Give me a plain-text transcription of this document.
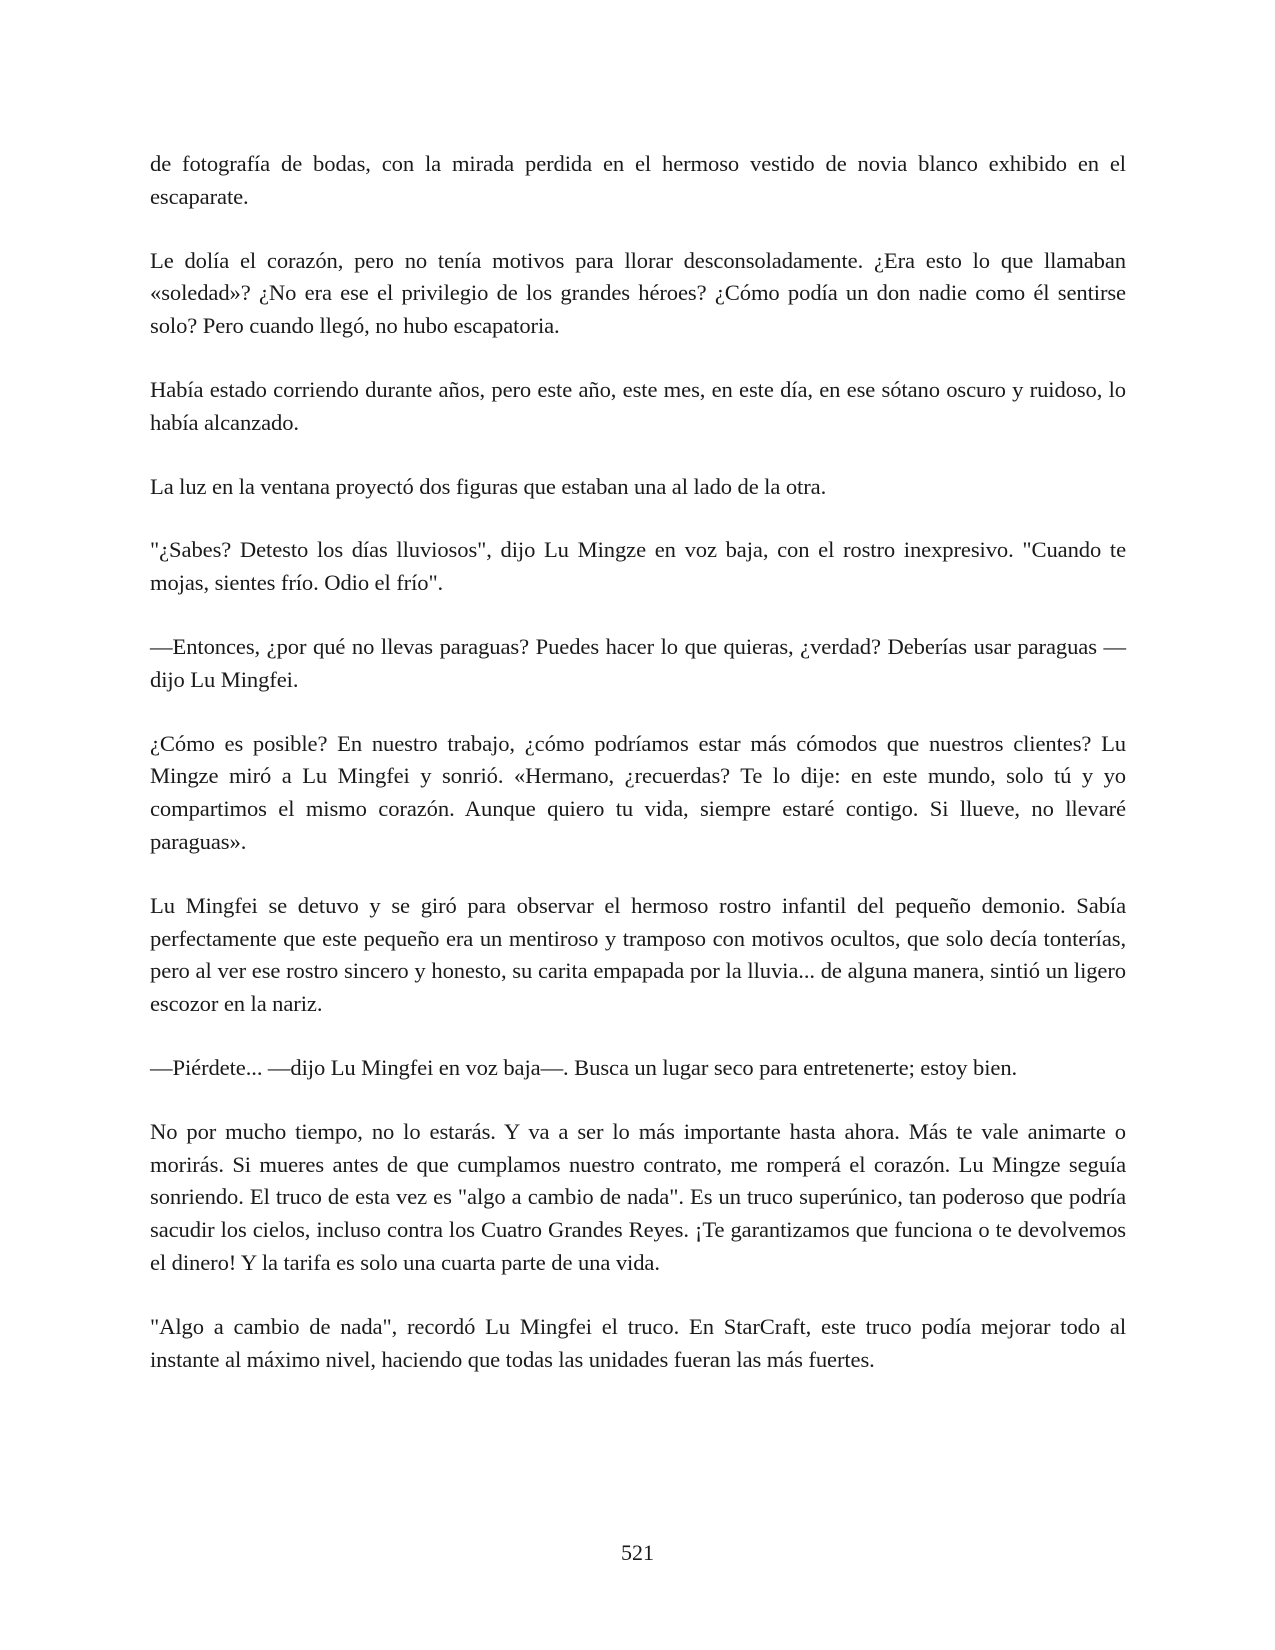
de fotografía de bodas, con la mirada perdida en el hermoso vestido de novia blanco exhibido en el escaparate.

Le dolía el corazón, pero no tenía motivos para llorar desconsoladamente. ¿Era esto lo que llamaban «soledad»? ¿No era ese el privilegio de los grandes héroes? ¿Cómo podía un don nadie como él sentirse solo? Pero cuando llegó, no hubo escapatoria.

Había estado corriendo durante años, pero este año, este mes, en este día, en ese sótano oscuro y ruidoso, lo había alcanzado.

La luz en la ventana proyectó dos figuras que estaban una al lado de la otra.

"¿Sabes? Detesto los días lluviosos", dijo Lu Mingze en voz baja, con el rostro inexpresivo. "Cuando te mojas, sientes frío. Odio el frío".

—Entonces, ¿por qué no llevas paraguas? Puedes hacer lo que quieras, ¿verdad? Deberías usar paraguas —dijo Lu Mingfei.

¿Cómo es posible? En nuestro trabajo, ¿cómo podríamos estar más cómodos que nuestros clientes? Lu Mingze miró a Lu Mingfei y sonrió. «Hermano, ¿recuerdas? Te lo dije: en este mundo, solo tú y yo compartimos el mismo corazón. Aunque quiero tu vida, siempre estaré contigo. Si llueve, no llevaré paraguas».

Lu Mingfei se detuvo y se giró para observar el hermoso rostro infantil del pequeño demonio. Sabía perfectamente que este pequeño era un mentiroso y tramposo con motivos ocultos, que solo decía tonterías, pero al ver ese rostro sincero y honesto, su carita empapada por la lluvia... de alguna manera, sintió un ligero escozor en la nariz.

—Piérdete... —dijo Lu Mingfei en voz baja—. Busca un lugar seco para entretenerte; estoy bien.

No por mucho tiempo, no lo estarás. Y va a ser lo más importante hasta ahora. Más te vale animarte o morirás. Si mueres antes de que cumplamos nuestro contrato, me romperá el corazón. Lu Mingze seguía sonriendo. El truco de esta vez es "algo a cambio de nada". Es un truco superúnico, tan poderoso que podría sacudir los cielos, incluso contra los Cuatro Grandes Reyes. ¡Te garantizamos que funciona o te devolvemos el dinero! Y la tarifa es solo una cuarta parte de una vida.

"Algo a cambio de nada", recordó Lu Mingfei el truco. En StarCraft, este truco podía mejorar todo al instante al máximo nivel, haciendo que todas las unidades fueran las más fuertes.

521
